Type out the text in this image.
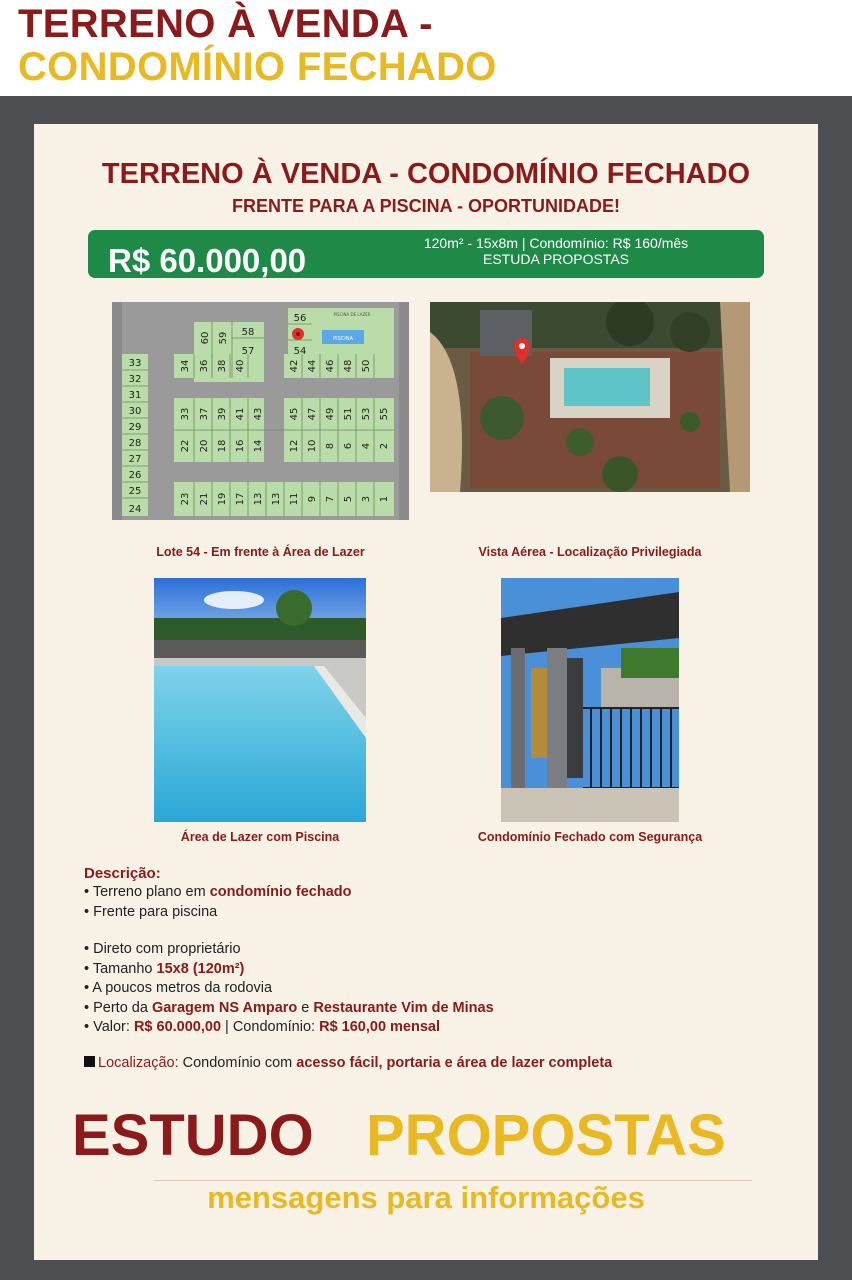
TERRENO À VENDA -
CONDOMÍNIO FECHADO
TERRENO À VENDA - CONDOMÍNIO FECHADO
FRENTE PARA A PISCINA - OPORTUNIDADE!
R$ 60.000,00	120m² - 15x8m | Condomínio: R$ 160/mês
ESTUDA PROPOSTAS
33
32
31
30
29
28
27
26
25
24
56
60 59 58
57	54
PISCINA
PISCINA DE LAZER
34 36 38 40	42 44 46 48 50
33 37 39 41 43	45 47 49 51 53 55
22 20 18 16 14	12 10 8 6 4 2
23 21 19 17 13 13 11 9 7 5 3 1
Lote 54 - Em frente à Área de Lazer	Vista Aérea - Localização Privilegiada
Área de Lazer com Piscina	Condomínio Fechado com Segurança
Descrição:
• Terreno plano em condomínio fechado
• Frente para piscina
• Direto com proprietário
• Tamanho 15x8 (120m²)
• A poucos metros da rodovia
• Perto da Garagem NS Amparo e Restaurante Vim de Minas
• Valor: R$ 60.000,00 | Condomínio: R$ 160,00 mensal
Localização: Condomínio com acesso fácil, portaria e área de lazer completa
ESTUDO PROPOSTAS
mensagens para informações
